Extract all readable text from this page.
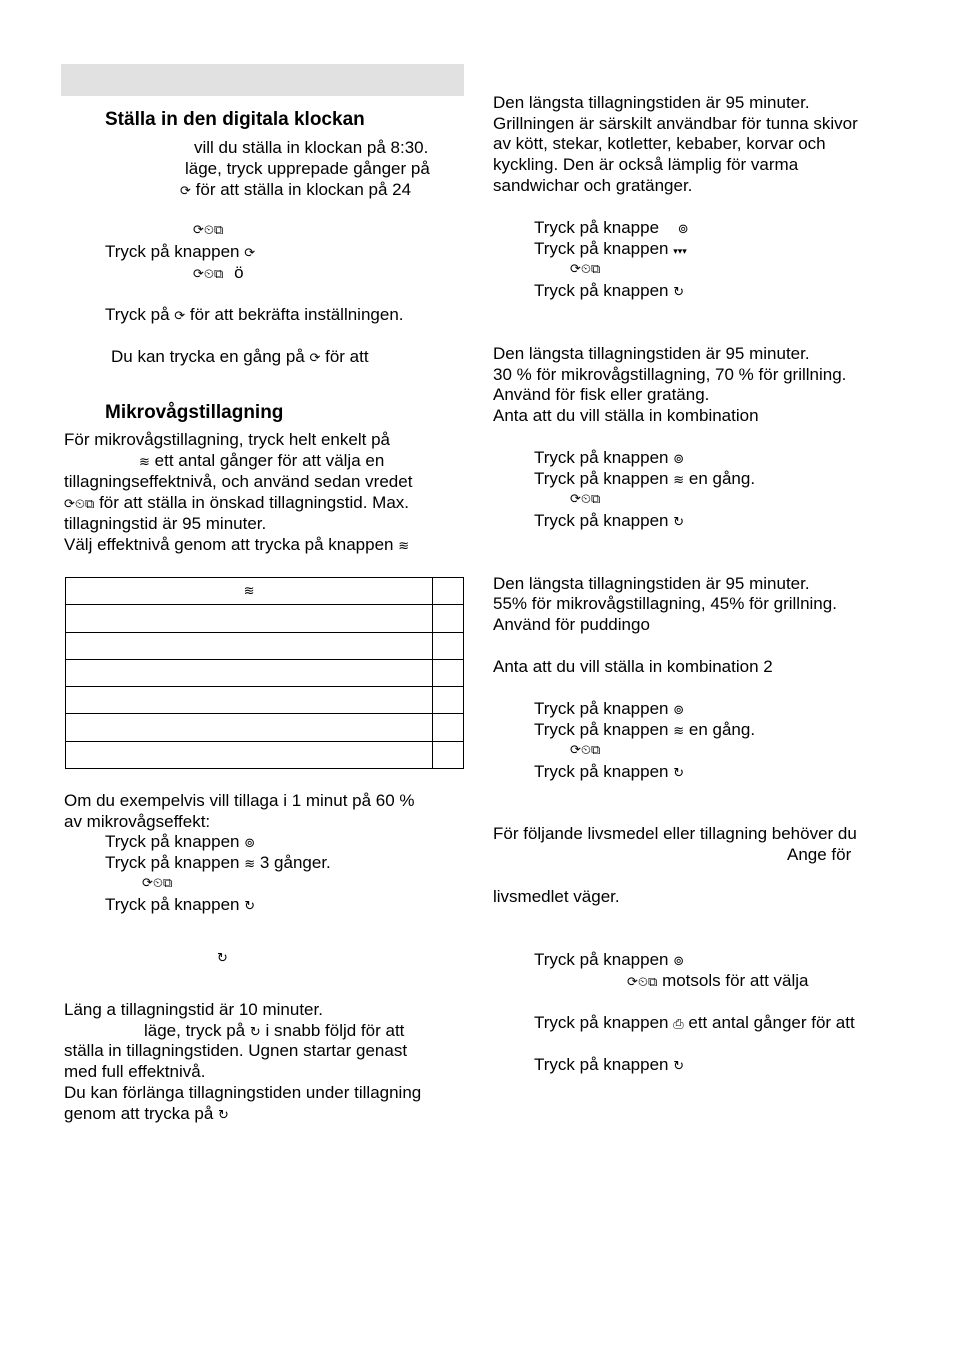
Ställa in den digitala klockan
vill du ställa in klockan på 8:30.
läge, tryck upprepade gånger på
⟳ för att ställa in klockan på 24
⟳⏲⧉
Tryck på knappen ⟳
⟳⏲⧉ ö
Tryck på ⟳ för att bekräfta inställningen.
Du kan trycka en gång på ⟳ för att
Mikrovågstillagning
För mikrovågstillagning, tryck helt enkelt på
≋ ett antal gånger för att välja en
tillagningseffektnivå, och använd sedan vredet
⟳⏲⧉ för att ställa in önskad tillagningstid. Max.
tillagningstid är 95 minuter.
Välj effektnivå genom att trycka på knappen ≋
≋	

Om du exempelvis vill tillaga i 1 minut på 60 %
av mikrovågseffekt:
Tryck på knappen ⊚
Tryck på knappen ≋ 3 gånger.
⟳⏲⧉
Tryck på knappen ↻
↻
Läng a tillagningstid är 10 minuter.
läge, tryck på ↻ i snabb följd för att
ställa in tillagningstiden. Ugnen startar genast
med full effektnivå.
Du kan förlänga tillagningstiden under tillagning
genom att trycka på ↻
Den längsta tillagningstiden är 95 minuter.
Grillningen är särskilt användbar för tunna skivor
av kött, stekar, kotletter, kebaber, korvar och
kyckling. Den är också lämplig för varma
sandwichar och gratänger.
Tryck på knappe ⊚
Tryck på knappen ▾▾▾
⟳⏲⧉
Tryck på knappen ↻
Den längsta tillagningstiden är 95 minuter.
30 % för mikrovågstillagning, 70 % för grillning.
Använd för fisk eller gratäng.
Anta att du vill ställa in kombination
Tryck på knappen ⊚
Tryck på knappen ≋ en gång.
⟳⏲⧉
Tryck på knappen ↻
Den längsta tillagningstiden är 95 minuter.
55% för mikrovågstillagning, 45% för grillning.
Använd för puddingo
Anta att du vill ställa in kombination 2
Tryck på knappen ⊚
Tryck på knappen ≋ en gång.
⟳⏲⧉
Tryck på knappen ↻
För följande livsmedel eller tillagning behöver du
Ange för
livsmedlet väger.
Tryck på knappen ⊚
⟳⏲⧉ motsols för att välja
Tryck på knappen ⎙ ett antal gånger för att
Tryck på knappen ↻
